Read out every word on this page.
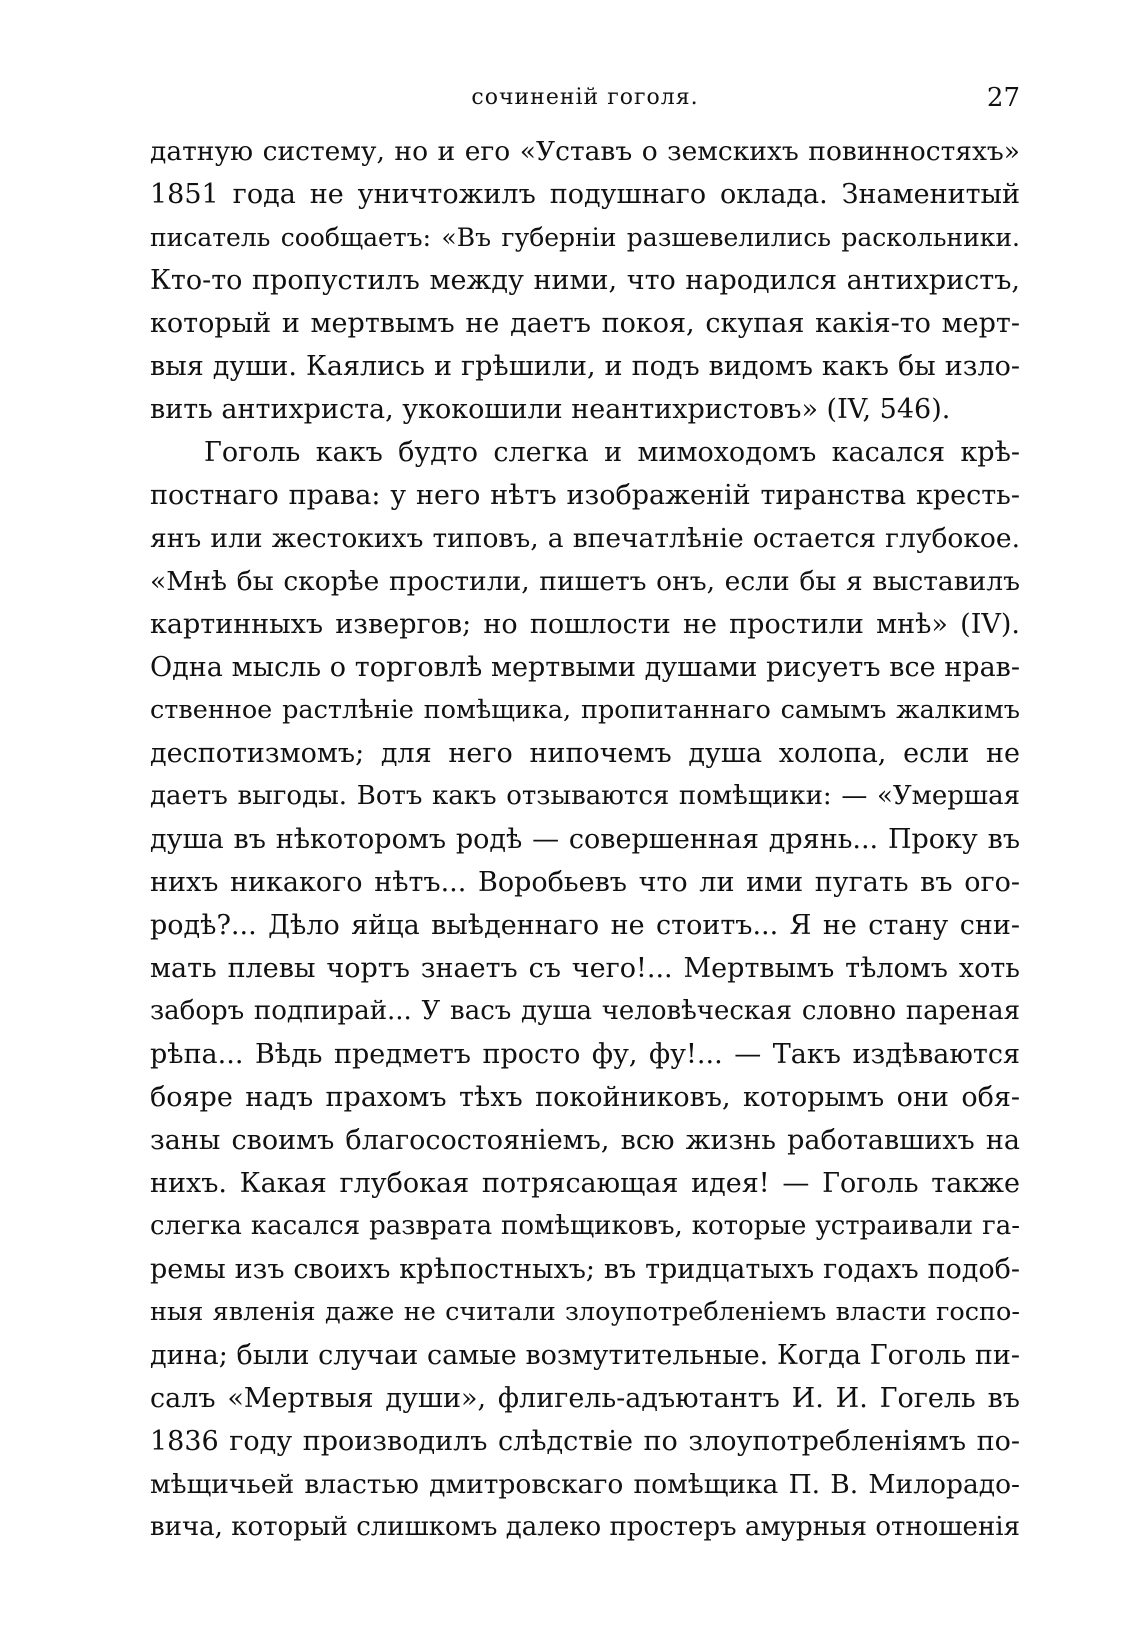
сочиненій гоголя.	27
датную систему, но и его «Уставъ о земскихъ повинностяхъ»
1851 года не уничтожилъ подушнаго оклада. Знаменитый
писатель сообщаетъ: «Въ губерніи разшевелились раскольники.
Кто-то пропустилъ между ними, что народился антихристъ,
который и мертвымъ не даетъ покоя, скупая какія-то мерт-
выя души. Каялись и грѣшили, и подъ видомъ какъ бы изло-
вить антихриста, укокошили неантихристовъ» (IV, 546).
Гоголь какъ будто слегка и мимоходомъ касался крѣ-
постнаго права: у него нѣтъ изображеній тиранства кресть-
янъ или жестокихъ типовъ, а впечатлѣніе остается глубокое.
«Мнѣ бы скорѣе простили, пишетъ онъ, если бы я выставилъ
картинныхъ извергов; но пошлости не простили мнѣ» (IV).
Одна мысль о торговлѣ мертвыми душами рисуетъ все нрав-
ственное растлѣніе помѣщика, пропитаннаго самымъ жалкимъ
деспотизмомъ; для него нипочемъ душа холопа, если не
даетъ выгоды. Вотъ какъ отзываются помѣщики: — «Умершая
душа въ нѣкоторомъ родѣ — совершенная дрянь... Проку въ
нихъ никакого нѣтъ... Воробьевъ что ли ими пугать въ ого-
родѣ?... Дѣло яйца выѣденнаго не стоитъ... Я не стану сни-
мать плевы чортъ знаетъ съ чего!... Мертвымъ тѣломъ хоть
заборъ подпирай... У васъ душа человѣческая словно пареная
рѣпа... Вѣдь предметъ просто фу, фу!... — Такъ издѣваются
бояре надъ прахомъ тѣхъ покойниковъ, которымъ они обя-
заны своимъ благосостояніемъ, всю жизнь работавшихъ на
нихъ. Какая глубокая потрясающая идея! — Гоголь также
слегка касался разврата помѣщиковъ, которые устраивали га-
ремы изъ своихъ крѣпостныхъ; въ тридцатыхъ годахъ подоб-
ныя явленія даже не считали злоупотребленіемъ власти госпо-
дина; были случаи самые возмутительные. Когда Гоголь пи-
салъ «Мертвыя души», флигель-адъютантъ И. И. Гогель въ
1836 году производилъ слѣдствіе по злоупотребленіямъ по-
мѣщичьей властью дмитровскаго помѣщика П. В. Милорадо-
вича, который слишкомъ далеко простеръ амурныя отношенія
